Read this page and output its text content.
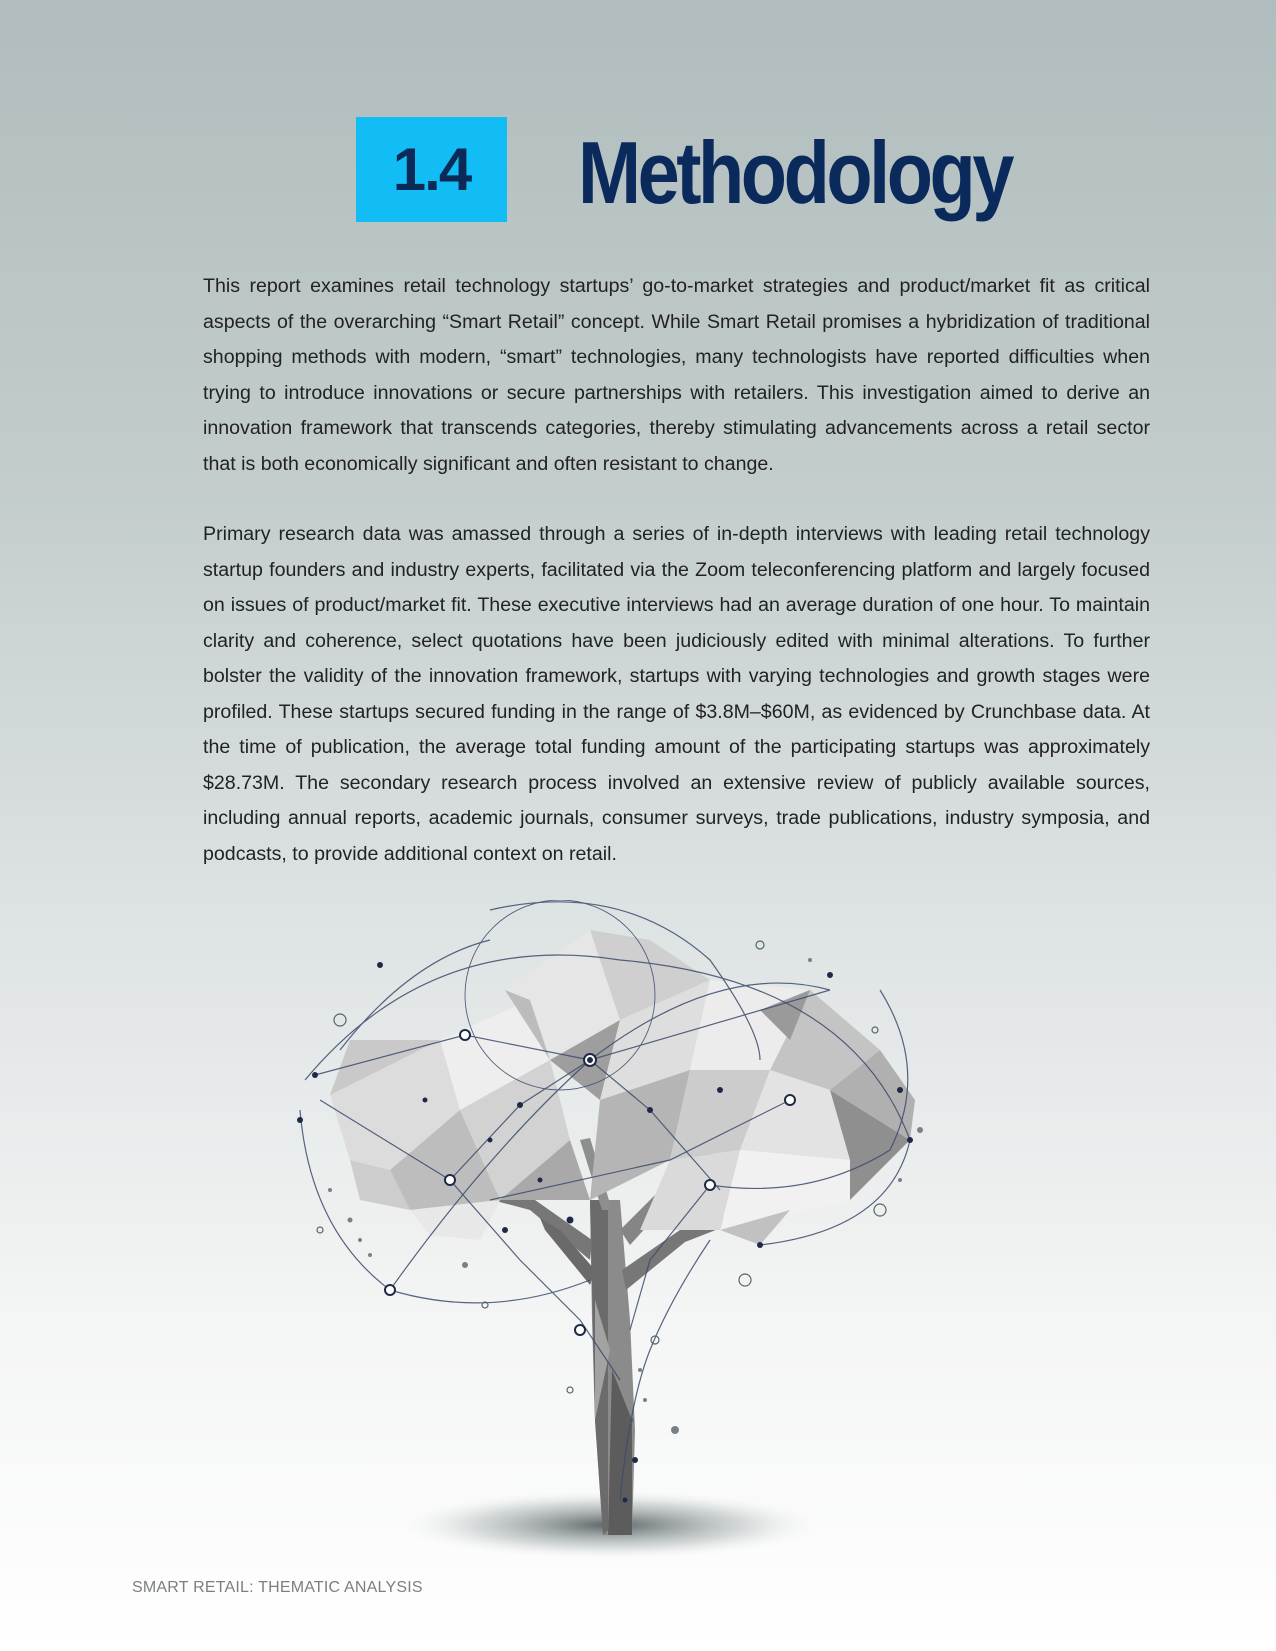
1.4	Methodology

This report examines retail technology startups’ go-to-market strategies and product/market fit as critical aspects of the overarching “Smart Retail” concept. While Smart Retail promises a hybridization of traditional shopping methods with modern, “smart” technologies, many technologists have reported difficulties when trying to introduce innovations or secure partnerships with retailers. This investigation aimed to derive an innovation framework that transcends categories, thereby stimulating advancements across a retail sector that is both economically significant and often resistant to change.

Primary research data was amassed through a series of in-depth interviews with leading retail technology startup founders and industry experts, facilitated via the Zoom teleconferencing platform and largely focused on issues of product/market fit. These executive interviews had an average duration of one hour. To maintain clarity and coherence, select quotations have been judiciously edited with minimal alterations. To further bolster the validity of the innovation framework, startups with varying technologies and growth stages were profiled. These startups secured funding in the range of $3.8M–$60M, as evidenced by Crunchbase data. At the time of publication, the average total funding amount of the participating startups was approximately $28.73M. The secondary research process involved an extensive review of publicly available sources, including annual reports, academic journals, consumer surveys, trade publications, industry symposia, and podcasts, to provide additional context on retail.

SMART RETAIL: THEMATIC ANALYSIS
